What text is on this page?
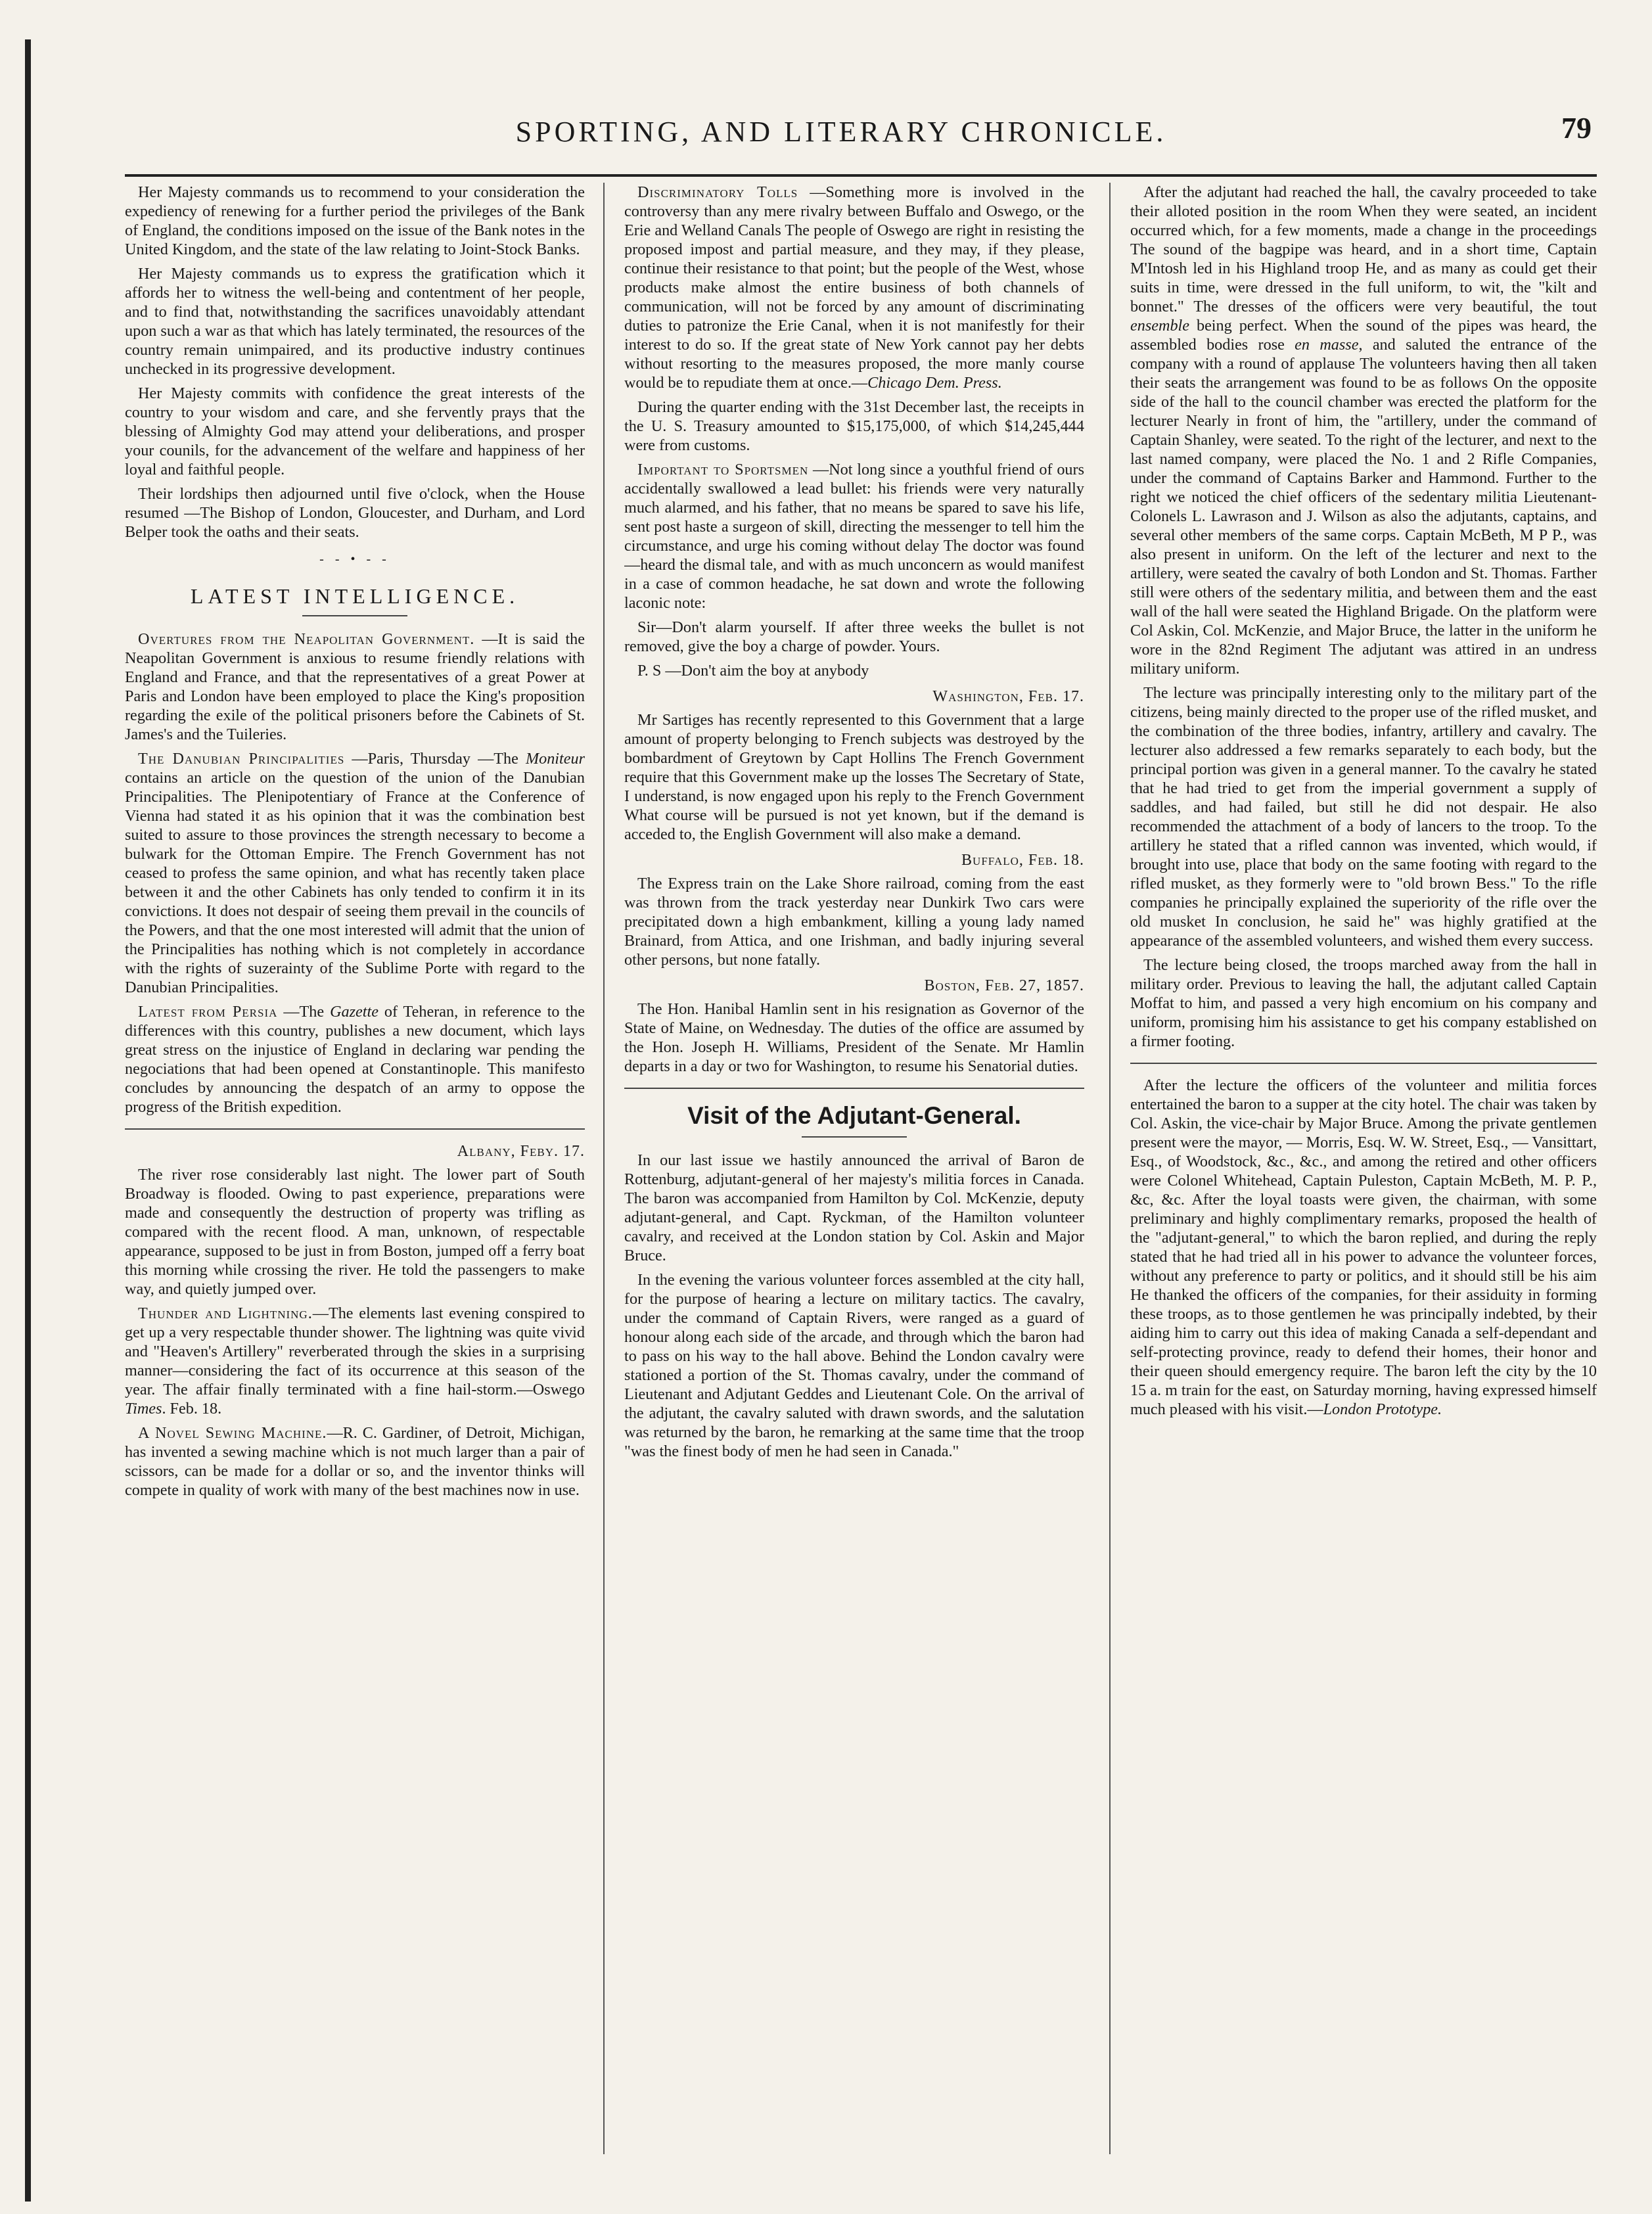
SPORTING, AND LITERARY CHRONICLE.	79

Her Majesty commands us to recommend to your consideration the expediency of renewing for a further period the privileges of the Bank of England, the conditions imposed on the issue of the Bank notes in the United Kingdom, and the state of the law relating to Joint-Stock Banks.

Her Majesty commands us to express the gratification which it affords her to witness the well-being and contentment of her people, and to find that, notwithstanding the sacrifices unavoidably attendant upon such a war as that which has lately terminated, the resources of the country remain unimpaired, and its productive industry continues unchecked in its progressive development.

Her Majesty commits with confidence the great interests of the country to your wisdom and care, and she fervently prays that the blessing of Almighty God may attend your deliberations, and prosper your counils, for the advancement of the welfare and happiness of her loyal and faithful people.

Their lordships then adjourned until five o'clock, when the House resumed —The Bishop of London, Gloucester, and Durham, and Lord Belper took the oaths and their seats.

- - • - -
LATEST INTELLIGENCE.

Overtures from the Neapolitan Government. —It is said the Neapolitan Government is anxious to resume friendly relations with England and France, and that the representatives of a great Power at Paris and London have been employed to place the King's proposition regarding the exile of the political prisoners before the Cabinets of St. James's and the Tuileries.

The Danubian Principalities —Paris, Thursday —The Moniteur contains an article on the question of the union of the Danubian Principalities. The Plenipotentiary of France at the Conference of Vienna had stated it as his opinion that it was the combination best suited to assure to those provinces the strength necessary to become a bulwark for the Ottoman Empire. The French Government has not ceased to profess the same opinion, and what has recently taken place between it and the other Cabinets has only tended to confirm it in its convictions. It does not despair of seeing them prevail in the councils of the Powers, and that the one most interested will admit that the union of the Principalities has nothing which is not completely in accordance with the rights of suzerainty of the Sublime Porte with regard to the Danubian Principalities.

Latest from Persia —The Gazette of Teheran, in reference to the differences with this country, publishes a new document, which lays great stress on the injustice of England in declaring war pending the negociations that had been opened at Constantinople. This manifesto concludes by announcing the despatch of an army to oppose the progress of the British expedition.

Albany, Feby. 17.

The river rose considerably last night. The lower part of South Broadway is flooded. Owing to past experience, preparations were made and consequently the destruction of property was trifling as compared with the recent flood. A man, unknown, of respectable appearance, supposed to be just in from Boston, jumped off a ferry boat this morning while crossing the river. He told the passengers to make way, and quietly jumped over.

Thunder and Lightning.—The elements last evening conspired to get up a very respectable thunder shower. The lightning was quite vivid and "Heaven's Artillery" reverberated through the skies in a surprising manner—considering the fact of its occurrence at this season of the year. The affair finally terminated with a fine hail-storm.—Oswego Times. Feb. 18.

A Novel Sewing Machine.—R. C. Gardiner, of Detroit, Michigan, has invented a sewing machine which is not much larger than a pair of scissors, can be made for a dollar or so, and the inventor thinks will compete in quality of work with many of the best machines now in use.

Discriminatory Tolls —Something more is involved in the controversy than any mere rivalry between Buffalo and Oswego, or the Erie and Welland Canals The people of Oswego are right in resisting the proposed impost and partial measure, and they may, if they please, continue their resistance to that point; but the people of the West, whose products make almost the entire business of both channels of communication, will not be forced by any amount of discriminating duties to patronize the Erie Canal, when it is not manifestly for their interest to do so. If the great state of New York cannot pay her debts without resorting to the measures proposed, the more manly course would be to repudiate them at once.—Chicago Dem. Press.

During the quarter ending with the 31st December last, the receipts in the U. S. Treasury amounted to $15,175,000, of which $14,245,444 were from customs.

Important to Sportsmen —Not long since a youthful friend of ours accidentally swallowed a lead bullet: his friends were very naturally much alarmed, and his father, that no means be spared to save his life, sent post haste a surgeon of skill, directing the messenger to tell him the circumstance, and urge his coming without delay The doctor was found—heard the dismal tale, and with as much unconcern as would manifest in a case of common headache, he sat down and wrote the following laconic note:

Sir—Don't alarm yourself. If after three weeks the bullet is not removed, give the boy a charge of powder. Yours.

P. S —Don't aim the boy at anybody

Washington, Feb. 17.

Mr Sartiges has recently represented to this Government that a large amount of property belonging to French subjects was destroyed by the bombardment of Greytown by Capt Hollins The French Government require that this Government make up the losses The Secretary of State, I understand, is now engaged upon his reply to the French Government What course will be pursued is not yet known, but if the demand is acceded to, the English Government will also make a demand.

Buffalo, Feb. 18.

The Express train on the Lake Shore railroad, coming from the east was thrown from the track yesterday near Dunkirk Two cars were precipitated down a high embankment, killing a young lady named Brainard, from Attica, and one Irishman, and badly injuring several other persons, but none fatally.

Boston, Feb. 27, 1857.

The Hon. Hanibal Hamlin sent in his resignation as Governor of the State of Maine, on Wednesday. The duties of the office are assumed by the Hon. Joseph H. Williams, President of the Senate. Mr Hamlin departs in a day or two for Washington, to resume his Senatorial duties.

Visit of the Adjutant-General.

In our last issue we hastily announced the arrival of Baron de Rottenburg, adjutant-general of her majesty's militia forces in Canada. The baron was accompanied from Hamilton by Col. McKenzie, deputy adjutant-general, and Capt. Ryckman, of the Hamilton volunteer cavalry, and received at the London station by Col. Askin and Major Bruce.

In the evening the various volunteer forces assembled at the city hall, for the purpose of hearing a lecture on military tactics. The cavalry, under the command of Captain Rivers, were ranged as a guard of honour along each side of the arcade, and through which the baron had to pass on his way to the hall above. Behind the London cavalry were stationed a portion of the St. Thomas cavalry, under the command of Lieutenant and Adjutant Geddes and Lieutenant Cole. On the arrival of the adjutant, the cavalry saluted with drawn swords, and the salutation was returned by the baron, he remarking at the same time that the troop "was the finest body of men he had seen in Canada."

After the adjutant had reached the hall, the cavalry proceeded to take their alloted position in the room When they were seated, an incident occurred which, for a few moments, made a change in the proceedings The sound of the bagpipe was heard, and in a short time, Captain M'Intosh led in his Highland troop He, and as many as could get their suits in time, were dressed in the full uniform, to wit, the "kilt and bonnet." The dresses of the officers were very beautiful, the tout ensemble being perfect. When the sound of the pipes was heard, the assembled bodies rose en masse, and saluted the entrance of the company with a round of applause The volunteers having then all taken their seats the arrangement was found to be as follows On the opposite side of the hall to the council chamber was erected the platform for the lecturer Nearly in front of him, the "artillery, under the command of Captain Shanley, were seated. To the right of the lecturer, and next to the last named company, were placed the No. 1 and 2 Rifle Companies, under the command of Captains Barker and Hammond. Further to the right we noticed the chief officers of the sedentary militia Lieutenant-Colonels L. Lawrason and J. Wilson as also the adjutants, captains, and several other members of the same corps. Captain McBeth, M P P., was also present in uniform. On the left of the lecturer and next to the artillery, were seated the cavalry of both London and St. Thomas. Farther still were others of the sedentary militia, and between them and the east wall of the hall were seated the Highland Brigade. On the platform were Col Askin, Col. McKenzie, and Major Bruce, the latter in the uniform he wore in the 82nd Regiment The adjutant was attired in an undress military uniform.

The lecture was principally interesting only to the military part of the citizens, being mainly directed to the proper use of the rifled musket, and the combination of the three bodies, infantry, artillery and cavalry. The lecturer also addressed a few remarks separately to each body, but the principal portion was given in a general manner. To the cavalry he stated that he had tried to get from the imperial government a supply of saddles, and had failed, but still he did not despair. He also recommended the attachment of a body of lancers to the troop. To the artillery he stated that a rifled cannon was invented, which would, if brought into use, place that body on the same footing with regard to the rifled musket, as they formerly were to "old brown Bess." To the rifle companies he principally explained the superiority of the rifle over the old musket In conclusion, he said he" was highly gratified at the appearance of the assembled volunteers, and wished them every success.

The lecture being closed, the troops marched away from the hall in military order. Previous to leaving the hall, the adjutant called Captain Moffat to him, and passed a very high encomium on his company and uniform, promising him his assistance to get his company established on a firmer footing.

After the lecture the officers of the volunteer and militia forces entertained the baron to a supper at the city hotel. The chair was taken by Col. Askin, the vice-chair by Major Bruce. Among the private gentlemen present were the mayor, — Morris, Esq. W. W. Street, Esq., — Vansittart, Esq., of Woodstock, &c., &c., and among the retired and other officers were Colonel Whitehead, Captain Puleston, Captain McBeth, M. P. P., &c, &c. After the loyal toasts were given, the chairman, with some preliminary and highly complimentary remarks, proposed the health of the "adjutant-general," to which the baron replied, and during the reply stated that he had tried all in his power to advance the volunteer forces, without any preference to party or politics, and it should still be his aim He thanked the officers of the companies, for their assiduity in forming these troops, as to those gentlemen he was principally indebted, by their aiding him to carry out this idea of making Canada a self-dependant and self-protecting province, ready to defend their homes, their honor and their queen should emergency require. The baron left the city by the 10 15 a. m train for the east, on Saturday morning, having expressed himself much pleased with his visit.—London Prototype.
